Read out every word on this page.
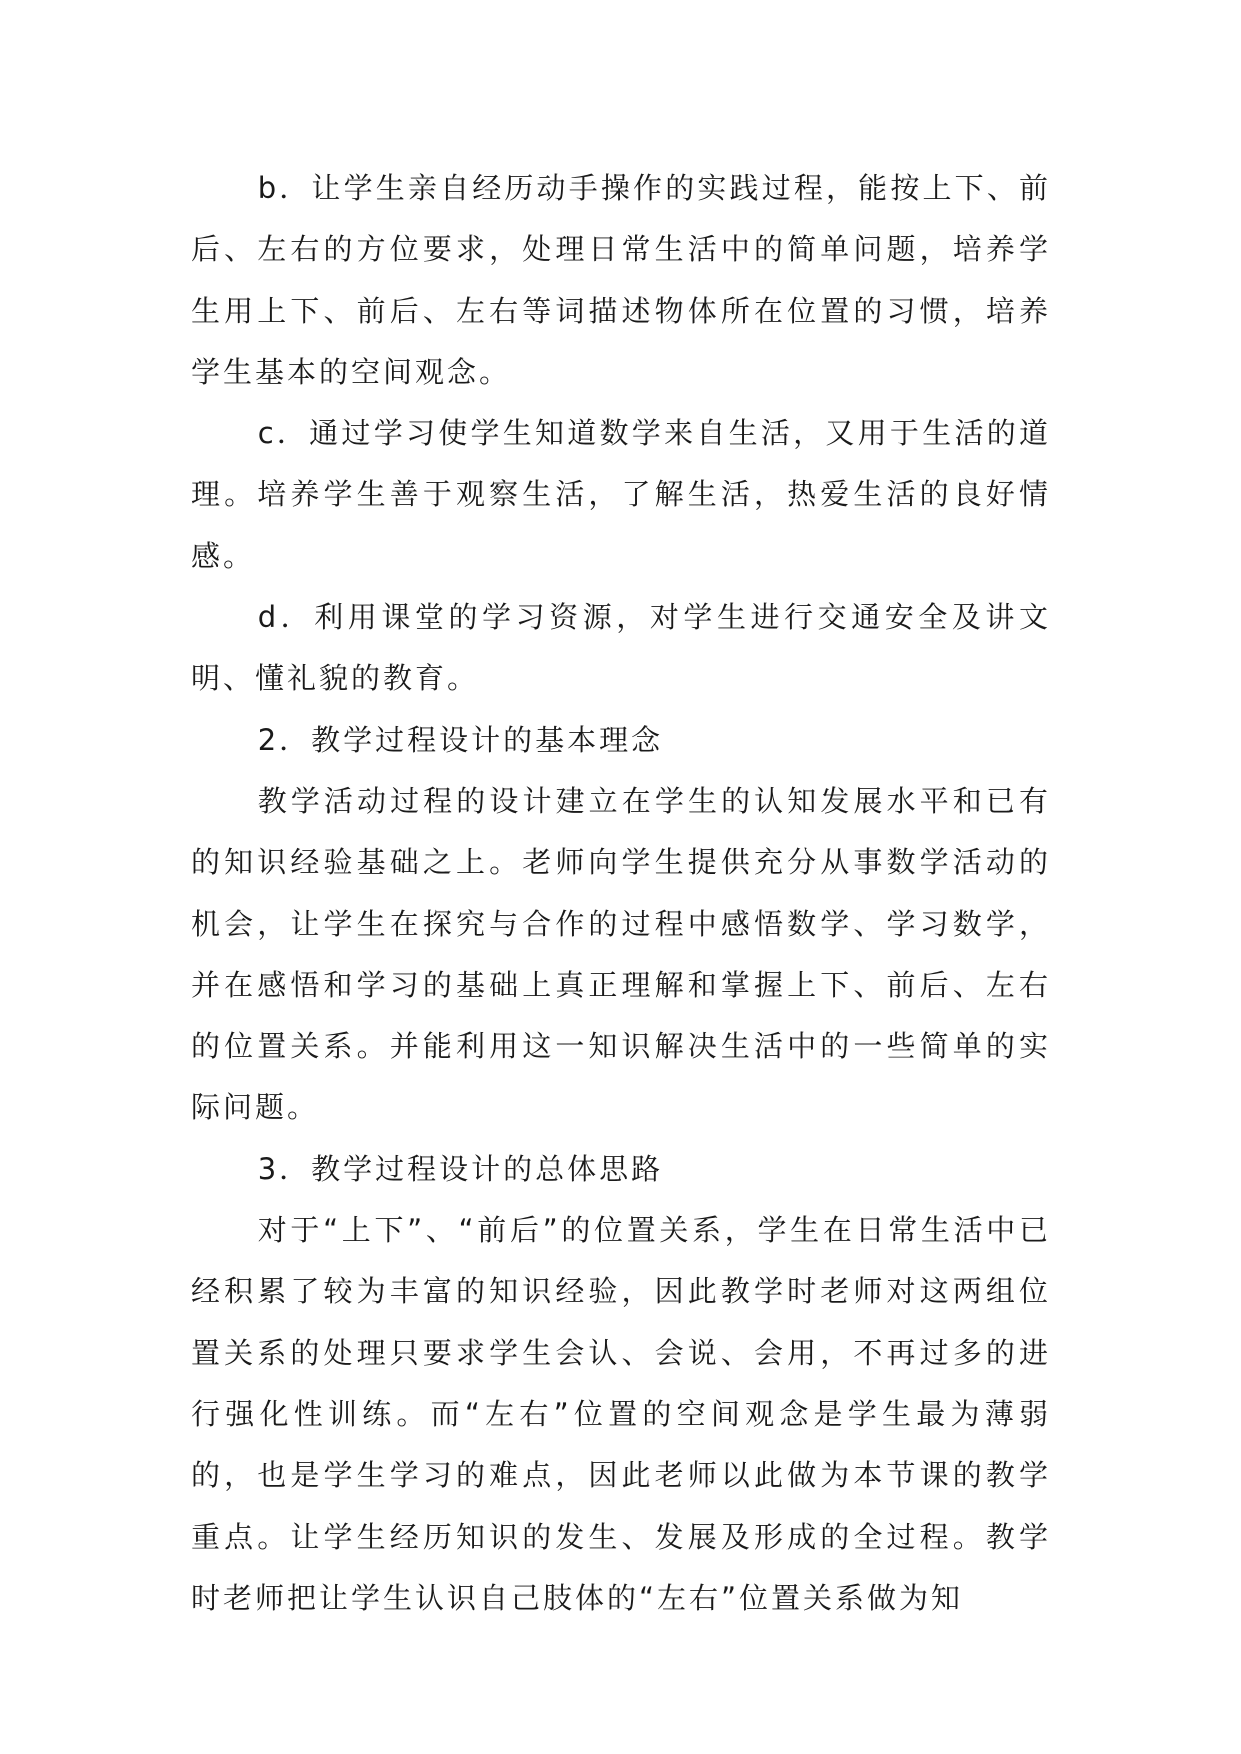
b．让学生亲自经历动手操作的实践过程，能按上下、前后、左右的方位要求，处理日常生活中的简单问题，培养学生用上下、前后、左右等词描述物体所在位置的习惯，培养学生基本的空间观念。

c．通过学习使学生知道数学来自生活，又用于生活的道理。培养学生善于观察生活，了解生活，热爱生活的良好情感。

d．利用课堂的学习资源，对学生进行交通安全及讲文明、懂礼貌的教育。

2．教学过程设计的基本理念

教学活动过程的设计建立在学生的认知发展水平和已有的知识经验基础之上。老师向学生提供充分从事数学活动的机会，让学生在探究与合作的过程中感悟数学、学习数学，并在感悟和学习的基础上真正理解和掌握上下、前后、左右的位置关系。并能利用这一知识解决生活中的一些简单的实际问题。

3．教学过程设计的总体思路

对于“上下”、“前后”的位置关系，学生在日常生活中已经积累了较为丰富的知识经验，因此教学时老师对这两组位置关系的处理只要求学生会认、会说、会用，不再过多的进行强化性训练。而“左右”位置的空间观念是学生最为薄弱的，也是学生学习的难点，因此老师以此做为本节课的教学重点。让学生经历知识的发生、发展及形成的全过程。教学时老师把让学生认识自己肢体的“左右”位置关系做为知
